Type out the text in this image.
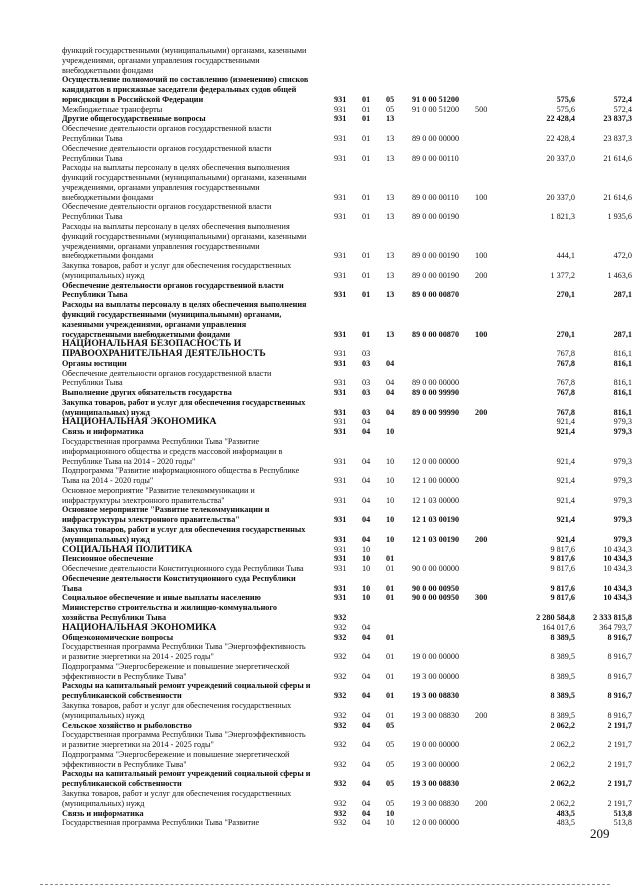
функций государственными (муниципальными) органами, казенными
учреждениями, органами управления государственными
внебюджетными фондами
Осуществление полномочий по составлению (изменению) списков
кандидатов в присяжные заседатели федеральных судов общей
юрисдикции в Российской Федерации	931	01	05	91 0 00 51200	575,6	572,4
Межбюджетные трансферты	931	01	05	91 0 00 51200	500	575,6	572,4
Другие общегосударственные вопросы	931	01	13	22 428,4	23 837,3
Обеспечение деятельности органов государственной власти
Республики Тыва	931	01	13	89 0 00 00000	22 428,4	23 837,3
Обеспечение деятельности органов государственной власти
Республики Тыва	931	01	13	89 0 00 00110	20 337,0	21 614,6
Расходы на выплаты персоналу в целях обеспечения выполнения
функций государственными (муниципальными) органами, казенными
учреждениями, органами управления государственными
внебюджетными фондами	931	01	13	89 0 00 00110	100	20 337,0	21 614,6
Обеспечение деятельности органов государственной власти
Республики Тыва	931	01	13	89 0 00 00190	1 821,3	1 935,6
Расходы на выплаты персоналу в целях обеспечения выполнения
функций государственными (муниципальными) органами, казенными
учреждениями, органами управления государственными
внебюджетными фондами	931	01	13	89 0 00 00190	100	444,1	472,0
Закупка товаров, работ и услуг для обеспечения государственных
(муниципальных) нужд	931	01	13	89 0 00 00190	200	1 377,2	1 463,6
Обеспечение деятельности органов государственной власти
Республики Тыва	931	01	13	89 0 00 00870	270,1	287,1
Расходы на выплаты персоналу в целях обеспечения выполнения
функций государственными (муниципальными) органами,
казенными учреждениями, органами управления
государственными внебюджетными фондами	931	01	13	89 0 00 00870	100	270,1	287,1
НАЦИОНАЛЬНАЯ БЕЗОПАСНОСТЬ И
ПРАВООХРАНИТЕЛЬНАЯ ДЕЯТЕЛЬНОСТЬ	931	03	767,8	816,1
Органы юстиции	931	03	04	767,8	816,1
Обеспечение деятельности органов государственной власти
Республики Тыва	931	03	04	89 0 00 00000	767,8	816,1
Выполнение других обязательств государства	931	03	04	89 0 00 99990	767,8	816,1
Закупка товаров, работ и услуг для обеспечения государственных
(муниципальных) нужд	931	03	04	89 0 00 99990	200	767,8	816,1
НАЦИОНАЛЬНАЯ ЭКОНОМИКА	931	04	921,4	979,3
Связь и информатика	931	04	10	921,4	979,3
Государственная программа Республики Тыва "Развитие
информационного общества и средств массовой информации в
Республике Тыва на 2014 - 2020 годы"	931	04	10	12 0 00 00000	921,4	979,3
Подпрограмма "Развитие информационного общества в Республике
Тыва на 2014 - 2020 годы"	931	04	10	12 1 00 00000	921,4	979,3
Основное мероприятие "Развитие телекоммуникации и
инфраструктуры электронного правительства"	931	04	10	12 1 03 00000	921,4	979,3
Основное мероприятие "Развитие телекоммуникации и
инфраструктуры электронного правительства"	931	04	10	12 1 03 00190	921,4	979,3
Закупка товаров, работ и услуг для обеспечения государственных
(муниципальных) нужд	931	04	10	12 1 03 00190	200	921,4	979,3
СОЦИАЛЬНАЯ ПОЛИТИКА	931	10	9 817,6	10 434,3
Пенсионное обеспечение	931	10	01	9 817,6	10 434,3
Обеспечение деятельности Конституционного суда Республики Тыва	931	10	01	90 0 00 00000	9 817,6	10 434,3
Обеспечение деятельности Конституционного суда Республики
Тыва	931	10	01	90 0 00 00950	9 817,6	10 434,3
Социальное обеспечение и иные выплаты населению	931	10	01	90 0 00 00950	300	9 817,6	10 434,3
Министерство строительства и жилищно-коммунального
хозяйства Республики Тыва	932	2 280 584,8	2 333 815,8
НАЦИОНАЛЬНАЯ ЭКОНОМИКА	932	04	164 017,6	364 793,7
Общеэкономические вопросы	932	04	01	8 389,5	8 916,7
Государственная программа Республики Тыва "Энергоэффективность
и развитие энергетики на 2014 - 2025 годы"	932	04	01	19 0 00 00000	8 389,5	8 916,7
Подпрограмма "Энергосбережение и повышение энергетической
эффективности в Республике Тыва"	932	04	01	19 3 00 00000	8 389,5	8 916,7
Расходы на капитальный ремонт учреждений социальной сферы и
республиканской собственности	932	04	01	19 3 00 08830	8 389,5	8 916,7
Закупка товаров, работ и услуг для обеспечения государственных
(муниципальных) нужд	932	04	01	19 3 00 08830	200	8 389,5	8 916,7
Сельское хозяйство и рыболовство	932	04	05	2 062,2	2 191,7
Государственная программа Республики Тыва "Энергоэффективность
и развитие энергетики на 2014 - 2025 годы"	932	04	05	19 0 00 00000	2 062,2	2 191,7
Подпрограмма "Энергосбережение и повышение энергетической
эффективности в Республике Тыва"	932	04	05	19 3 00 00000	2 062,2	2 191,7
Расходы на капитальный ремонт учреждений социальной сферы и
республиканской собственности	932	04	05	19 3 00 08830	2 062,2	2 191,7
Закупка товаров, работ и услуг для обеспечения государственных
(муниципальных) нужд	932	04	05	19 3 00 08830	200	2 062,2	2 191,7
Связь и информатика	932	04	10	483,5	513,8
Государственная программа Республики Тыва "Развитие	932	04	10	12 0 00 00000	483,5	513,8
209
